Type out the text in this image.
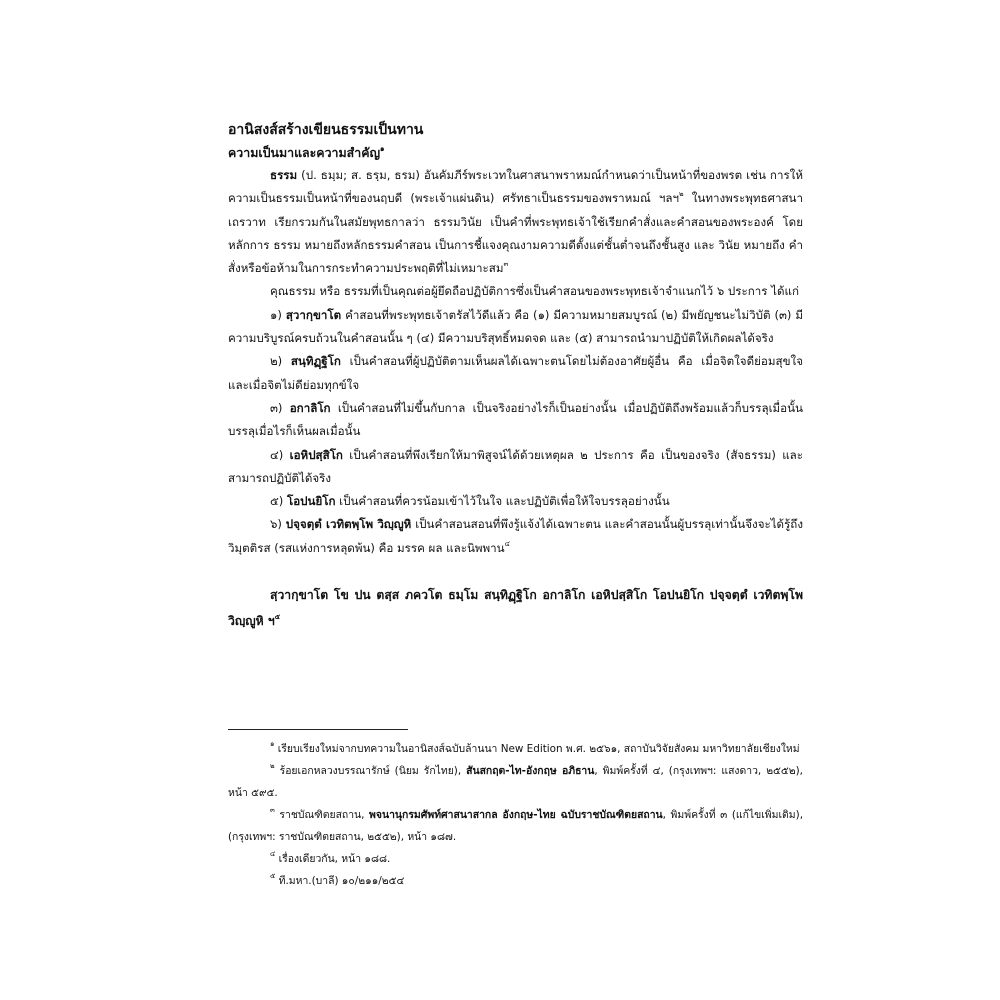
อานิสงส์สร้างเขียนธรรมเป็นทาน
ความเป็นมาและความสำคัญ$^๑$

ธรรม (ป. ธมฺม; ส. ธรฺม, ธรม) อันคัมภีร์พระเวทในศาสนาพราหมณ์กำหนดว่าเป็นหน้าที่ของพรต เช่น การให้ความเป็นธรรมเป็นหน้าที่ของนฤบดี (พระเจ้าแผ่นดิน) ศรัทธาเป็นธรรมของพราหมณ์ ฯลฯ$^๒$ ในทางพระพุทธศาสนาเถรวาท เรียกรวมกันในสมัยพุทธกาลว่า ธรรมวินัย เป็นคำที่พระพุทธเจ้าใช้เรียกคำสั่งและคำสอนของพระองค์ โดยหลักการ ธรรม หมายถึงหลักธรรมคำสอน เป็นการชี้แจงคุณงามความดีตั้งแต่ชั้นต่ำจนถึงชั้นสูง และ วินัย หมายถึง คำสั่งหรือข้อห้ามในการกระทำความประพฤติที่ไม่เหมาะสม$^๓$

คุณธรรม หรือ ธรรมที่เป็นคุณต่อผู้ยึดถือปฏิบัติการซึ่งเป็นคำสอนของพระพุทธเจ้าจำแนกไว้ ๖ ประการ ได้แก่

๑) สฺวากฺขาโต คำสอนที่พระพุทธเจ้าตรัสไว้ดีแล้ว คือ (๑) มีความหมายสมบูรณ์ (๒) มีพยัญชนะไม่วิบัติ (๓) มีความบริบูรณ์ครบถ้วนในคำสอนนั้น ๆ (๔) มีความบริสุทธิ์หมดจด และ (๕) สามารถนำมาปฏิบัติให้เกิดผลได้จริง

๒) สนฺทิฏฺฐิโก เป็นคำสอนที่ผู้ปฏิบัติตามเห็นผลได้เฉพาะตนโดยไม่ต้องอาศัยผู้อื่น คือ เมื่อจิตใจดีย่อมสุขใจ และเมื่อจิตไม่ดีย่อมทุกข์ใจ

๓) อกาลิโก เป็นคำสอนที่ไม่ขึ้นกับกาล เป็นจริงอย่างไรก็เป็นอย่างนั้น เมื่อปฏิบัติถึงพร้อมแล้วก็บรรลุเมื่อนั้น บรรลุเมื่อไรก็เห็นผลเมื่อนั้น

๔) เอหิปสฺสิโก เป็นคำสอนที่พึงเรียกให้มาพิสูจน์ได้ด้วยเหตุผล ๒ ประการ คือ เป็นของจริง (สัจธรรม) และสามารถปฏิบัติได้จริง

๕) โอปนยิโก เป็นคำสอนที่ควรน้อมเข้าไว้ในใจ และปฏิบัติเพื่อให้ใจบรรลุอย่างนั้น

๖) ปจฺจตฺตํ เวทิตพฺโพ วิญฺญูหิ เป็นคำสอนสอนที่พึงรู้แจ้งได้เฉพาะตน และคำสอนนั้นผู้บรรลุเท่านั้นจึงจะได้รู้ถึง วิมุตติรส (รสแห่งการหลุดพ้น) คือ มรรค ผล และนิพพาน$^๔$

สฺวากฺขาโต โข ปน ตสฺส ภควโต ธมฺโม สนฺทิฏฺฐิโก อกาลิโก เอหิปสฺสิโก โอปนยิโก ปจฺจตฺตํ เวทิตพฺโพ วิญฺญูหิ ฯ$^๕$

$^๑$ เรียบเรียงใหม่จากบทความในอานิสงส์ฉบับล้านนา New Edition พ.ศ. ๒๕๖๑, สถาบันวิจัยสังคม มหาวิทยาลัยเชียงใหม่

$^๒$ ร้อยเอกหลวงบรรณารักษ์ (นิยม รักไทย), สันสกฤต-ไท-อังกฤษ อภิธาน, พิมพ์ครั้งที่ ๔, (กรุงเทพฯ: แสงดาว, ๒๕๕๒), หน้า ๕๙๕.

$^๓$ ราชบัณฑิตยสถาน, พจนานุกรมศัพท์ศาสนาสากล อังกฤษ-ไทย ฉบับราชบัณฑิตยสถาน, พิมพ์ครั้งที่ ๓ (แก้ไขเพิ่มเติม), (กรุงเทพฯ: ราชบัณฑิตยสถาน, ๒๕๕๒), หน้า ๑๘๗.

$^๔$ เรื่องเดียวกัน, หน้า ๑๘๘.

$^๕$ ที.มหา.(บาลี) ๑๐/๒๑๑/๒๕๔
